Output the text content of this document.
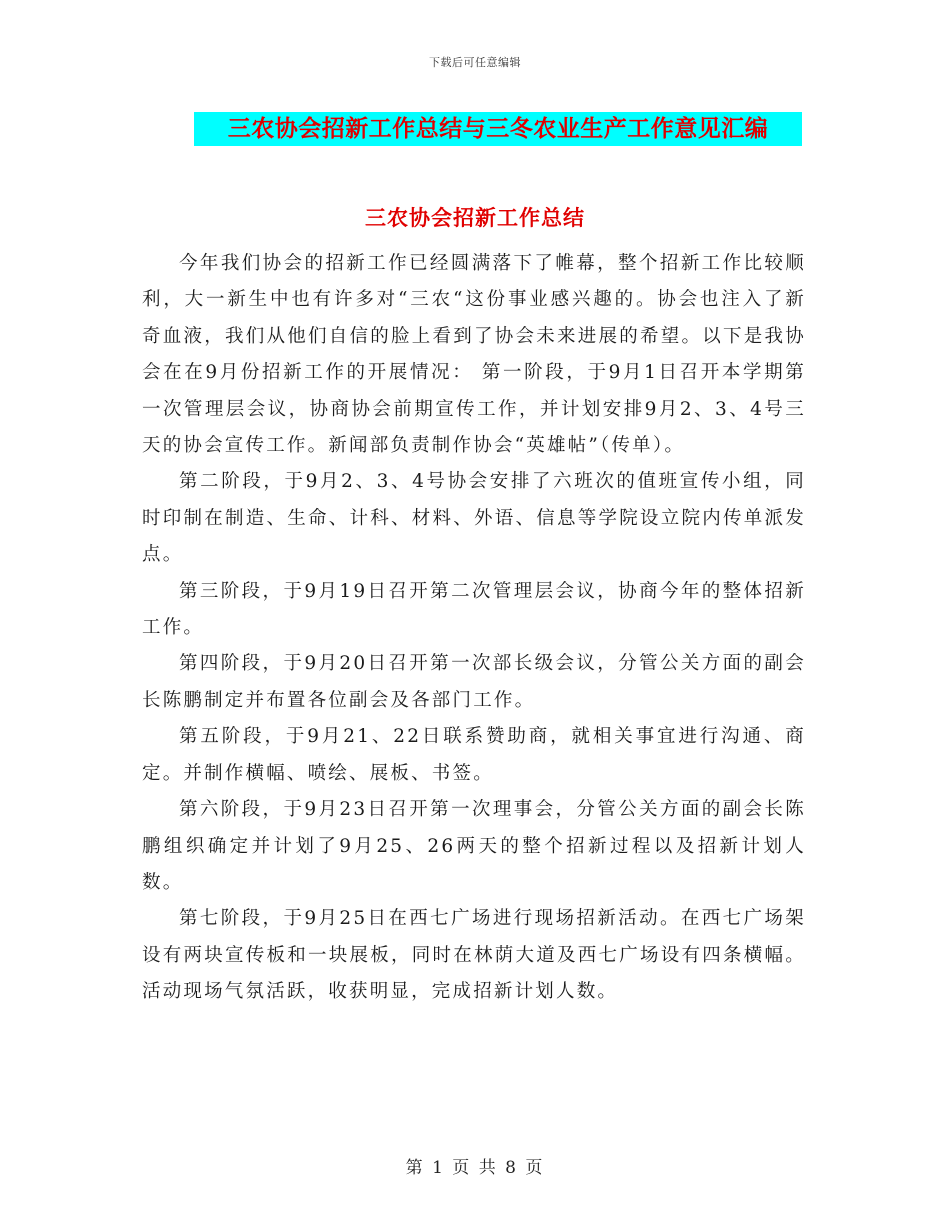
下载后可任意编辑
三农协会招新工作总结与三冬农业生产工作意见汇编
三农协会招新工作总结

今年我们协会的招新工作已经圆满落下了帷幕，整个招新工作比较顺利，大一新生中也有许多对“三农“这份事业感兴趣的。协会也注入了新奇血液，我们从他们自信的脸上看到了协会未来进展的希望。以下是我协会在在9月份招新工作的开展情况： 第一阶段，于9月1日召开本学期第一次管理层会议，协商协会前期宣传工作，并计划安排9月2、3、4号三天的协会宣传工作。新闻部负责制作协会“英雄帖”（传单）。

第二阶段，于9月2、3、4号协会安排了六班次的值班宣传小组，同时印制在制造、生命、计科、材料、外语、信息等学院设立院内传单派发点。

第三阶段，于9月19日召开第二次管理层会议，协商今年的整体招新工作。

第四阶段，于9月20日召开第一次部长级会议，分管公关方面的副会长陈鹏制定并布置各位副会及各部门工作。

第五阶段，于9月21、22日联系赞助商，就相关事宜进行沟通、商定。并制作横幅、喷绘、展板、书签。

第六阶段，于9月23日召开第一次理事会，分管公关方面的副会长陈鹏组织确定并计划了9月25、26两天的整个招新过程以及招新计划人数。

第七阶段，于9月25日在西七广场进行现场招新活动。在西七广场架设有两块宣传板和一块展板，同时在林荫大道及西七广场设有四条横幅。活动现场气氛活跃，收获明显，完成招新计划人数。

第 1 页 共 8 页
